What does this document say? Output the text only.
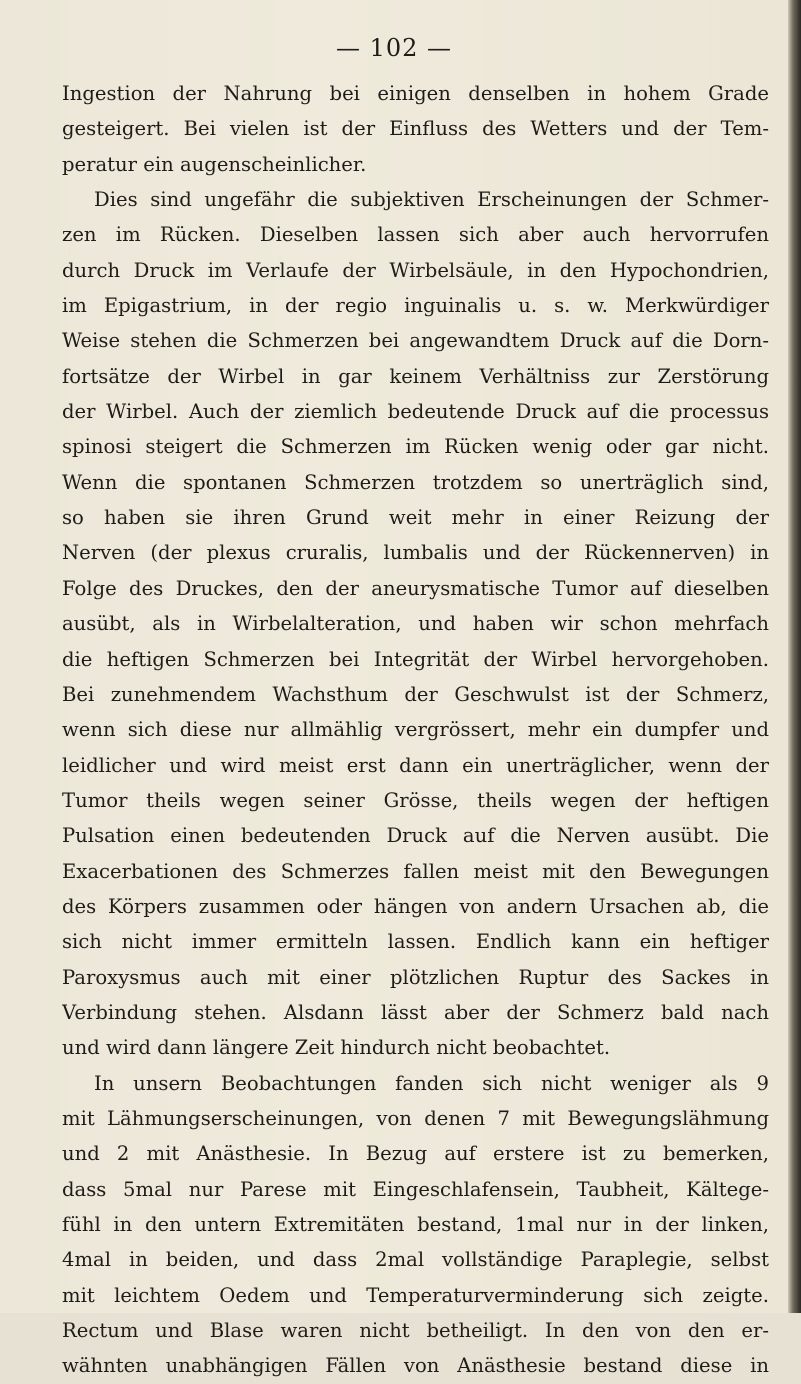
— 102 —
Ingestion der Nahrung bei einigen denselben in hohem Grade
gesteigert. Bei vielen ist der Einfluss des Wetters und der Tem-
peratur ein augenscheinlicher.
Dies sind ungefähr die subjektiven Erscheinungen der Schmer-
zen im Rücken. Dieselben lassen sich aber auch hervorrufen
durch Druck im Verlaufe der Wirbelsäule, in den Hypochondrien,
im Epigastrium, in der regio inguinalis u. s. w. Merkwürdiger
Weise stehen die Schmerzen bei angewandtem Druck auf die Dorn-
fortsätze der Wirbel in gar keinem Verhältniss zur Zerstörung
der Wirbel. Auch der ziemlich bedeutende Druck auf die processus
spinosi steigert die Schmerzen im Rücken wenig oder gar nicht.
Wenn die spontanen Schmerzen trotzdem so unerträglich sind,
so haben sie ihren Grund weit mehr in einer Reizung der
Nerven (der plexus cruralis, lumbalis und der Rückennerven) in
Folge des Druckes, den der aneurysmatische Tumor auf dieselben
ausübt, als in Wirbelalteration, und haben wir schon mehrfach
die heftigen Schmerzen bei Integrität der Wirbel hervorgehoben.
Bei zunehmendem Wachsthum der Geschwulst ist der Schmerz,
wenn sich diese nur allmählig vergrössert, mehr ein dumpfer und
leidlicher und wird meist erst dann ein unerträglicher, wenn der
Tumor theils wegen seiner Grösse, theils wegen der heftigen
Pulsation einen bedeutenden Druck auf die Nerven ausübt. Die
Exacerbationen des Schmerzes fallen meist mit den Bewegungen
des Körpers zusammen oder hängen von andern Ursachen ab, die
sich nicht immer ermitteln lassen. Endlich kann ein heftiger
Paroxysmus auch mit einer plötzlichen Ruptur des Sackes in
Verbindung stehen. Alsdann lässt aber der Schmerz bald nach
und wird dann längere Zeit hindurch nicht beobachtet.
In unsern Beobachtungen fanden sich nicht weniger als 9
mit Lähmungserscheinungen, von denen 7 mit Bewegungslähmung
und 2 mit Anästhesie. In Bezug auf erstere ist zu bemerken,
dass 5mal nur Parese mit Eingeschlafensein, Taubheit, Kältege-
fühl in den untern Extremitäten bestand, 1mal nur in der linken,
4mal in beiden, und dass 2mal vollständige Paraplegie, selbst
mit leichtem Oedem und Temperaturverminderung sich zeigte.
Rectum und Blase waren nicht betheiligt. In den von den er-
wähnten unabhängigen Fällen von Anästhesie bestand diese in
